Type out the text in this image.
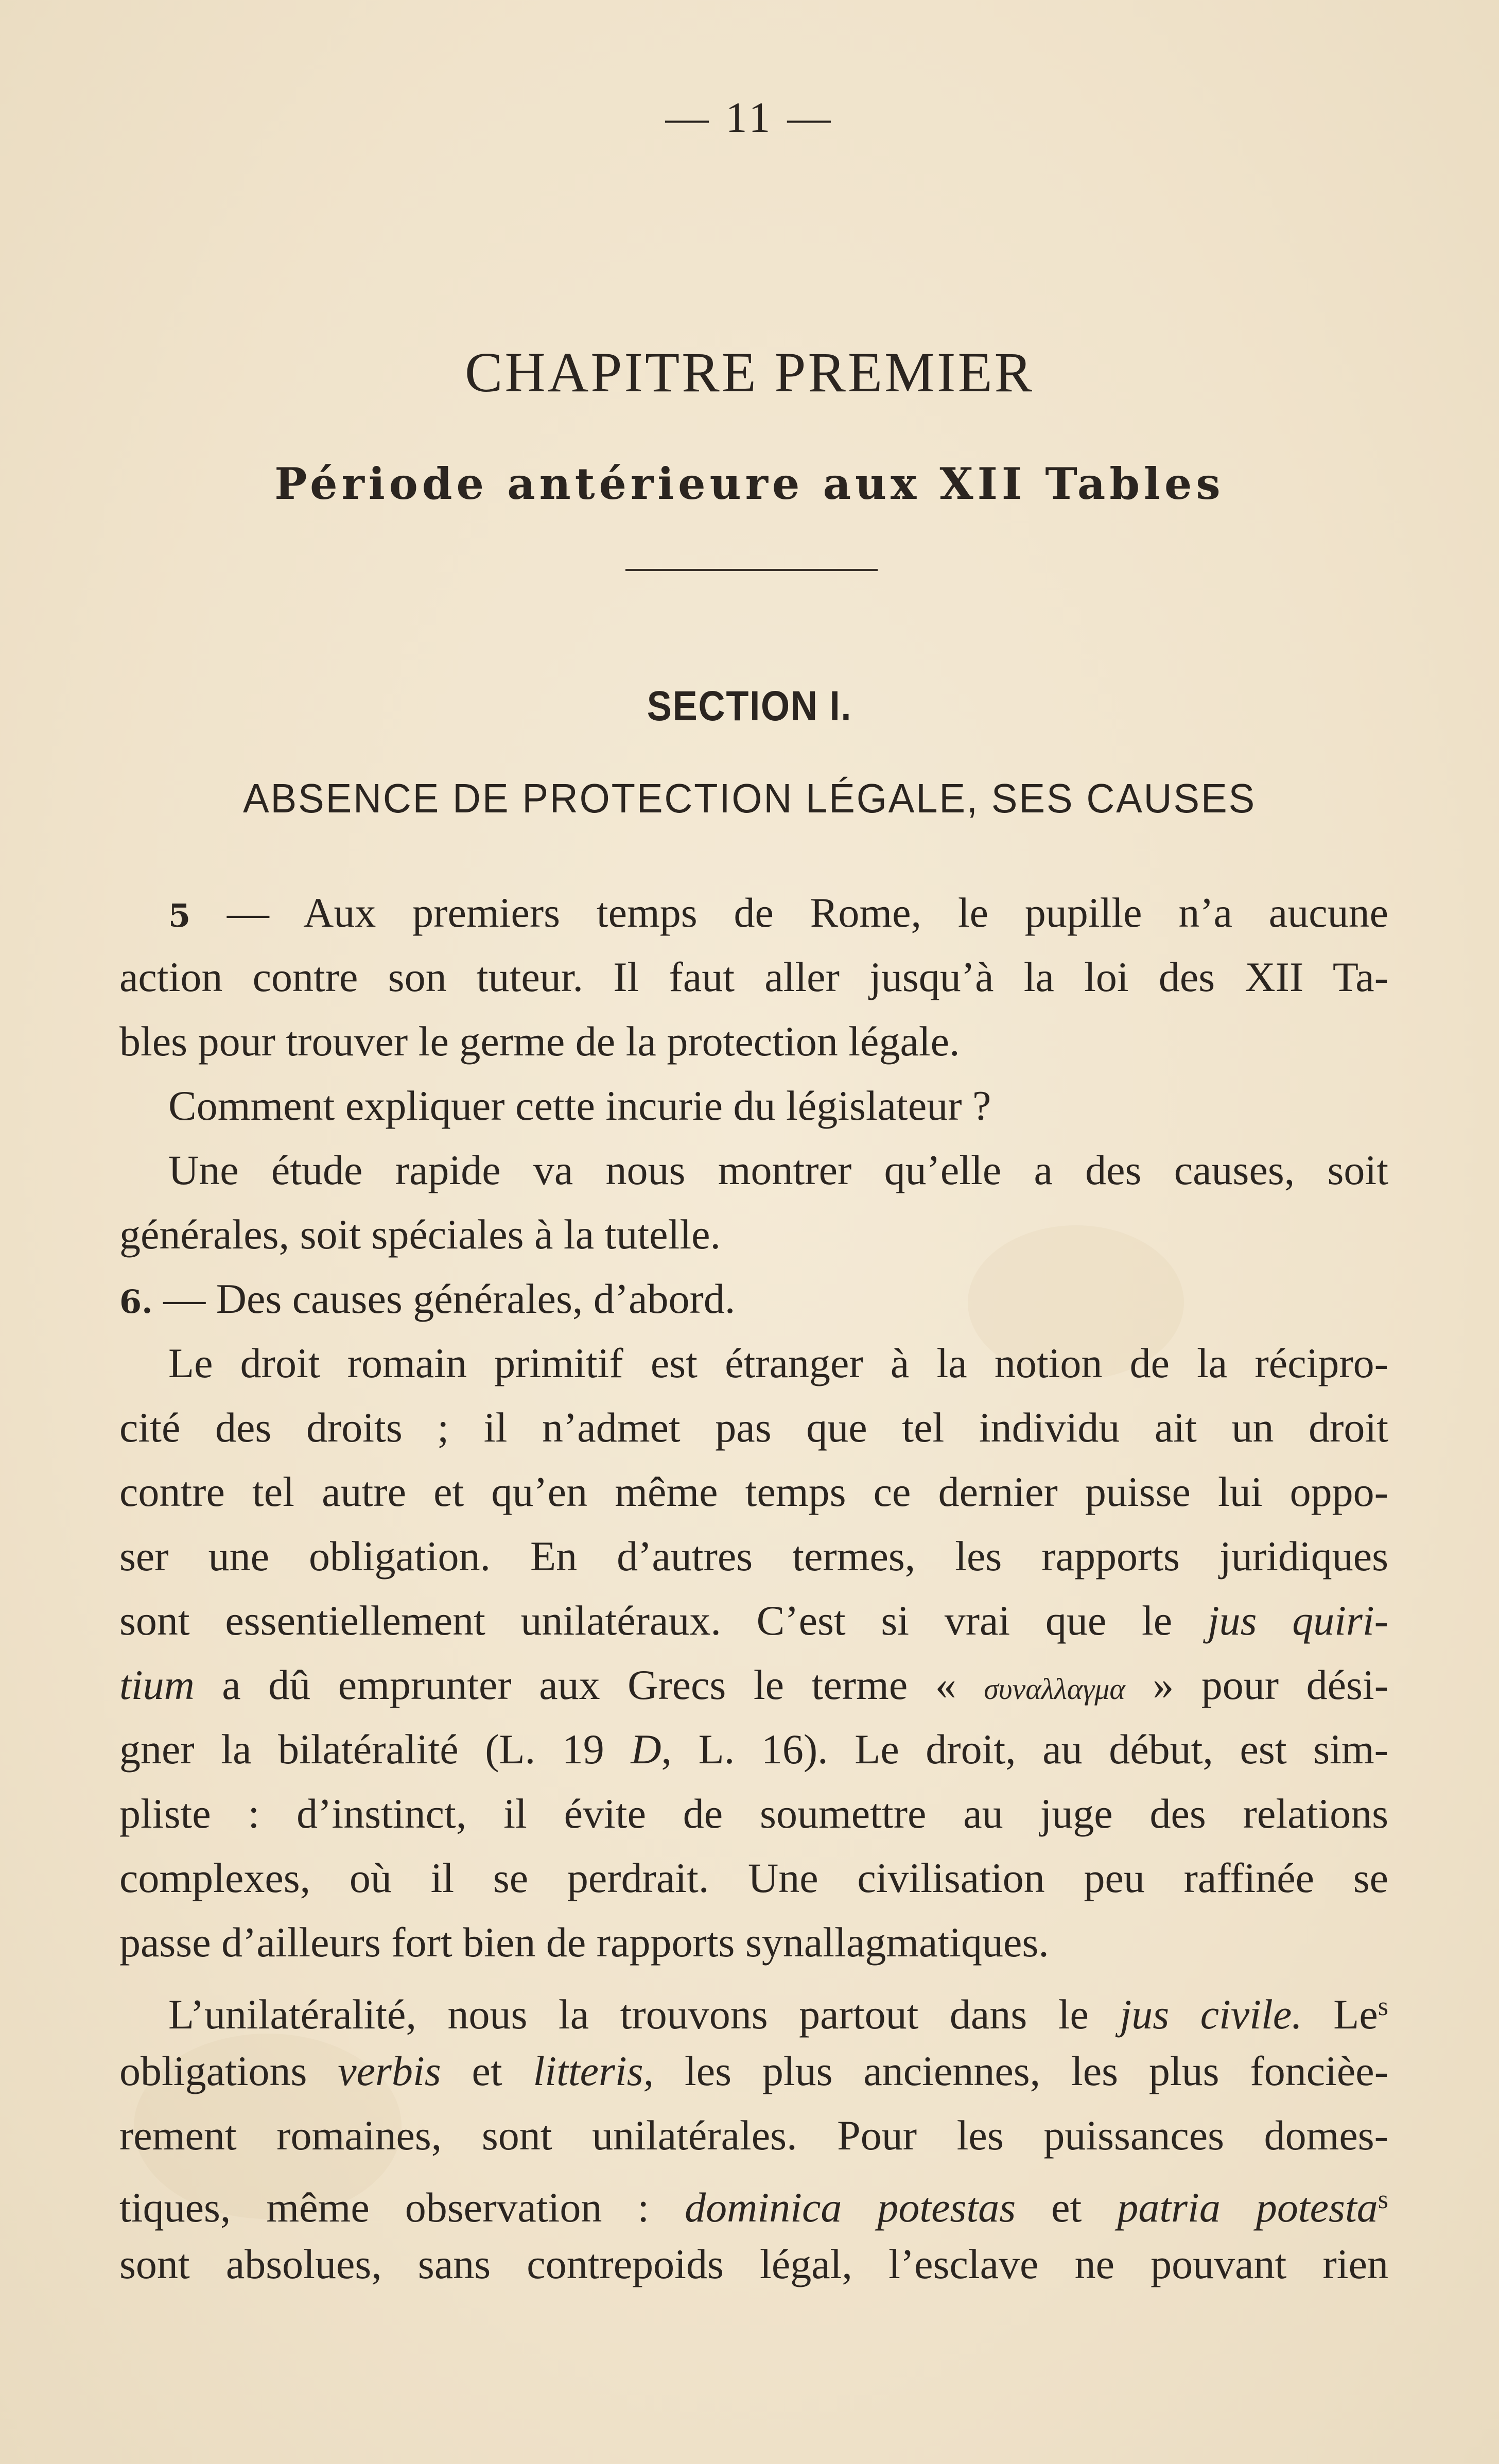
— 11 —
CHAPITRE PREMIER
Période antérieure aux XII Tables
SECTION I.
ABSENCE DE PROTECTION LÉGALE, SES CAUSES
5 — Aux premiers temps de Rome, le pupille n’a aucune
action contre son tuteur. Il faut aller jusqu’à la loi des XII Ta-
bles pour trouver le germe de la protection légale.
Comment expliquer cette incurie du législateur ?
Une étude rapide va nous montrer qu’elle a des causes, soit
générales, soit spéciales à la tutelle.
6. — Des causes générales, d’abord.
Le droit romain primitif est étranger à la notion de la récipro-
cité des droits ; il n’admet pas que tel individu ait un droit
contre tel autre et qu’en même temps ce dernier puisse lui oppo-
ser une obligation. En d’autres termes, les rapports juridiques
sont essentiellement unilatéraux. C’est si vrai que le jus quiri-
tium a dû emprunter aux Grecs le terme « συναλλαγμα » pour dési-
gner la bilatéralité (L. 19 D, L. 16). Le droit, au début, est sim-
pliste : d’instinct, il évite de soumettre au juge des relations
complexes, où il se perdrait. Une civilisation peu raffinée se
passe d’ailleurs fort bien de rapports synallagmatiques.
L’unilatéralité, nous la trouvons partout dans le jus civile. Le$^s$
obligations verbis et litteris, les plus anciennes, les plus foncièe-
rement romaines, sont unilatérales. Pour les puissances domes-
tiques, même observation : dominica potestas et patria potesta$^s$
sont absolues, sans contrepoids légal, l’esclave ne pouvant rien
